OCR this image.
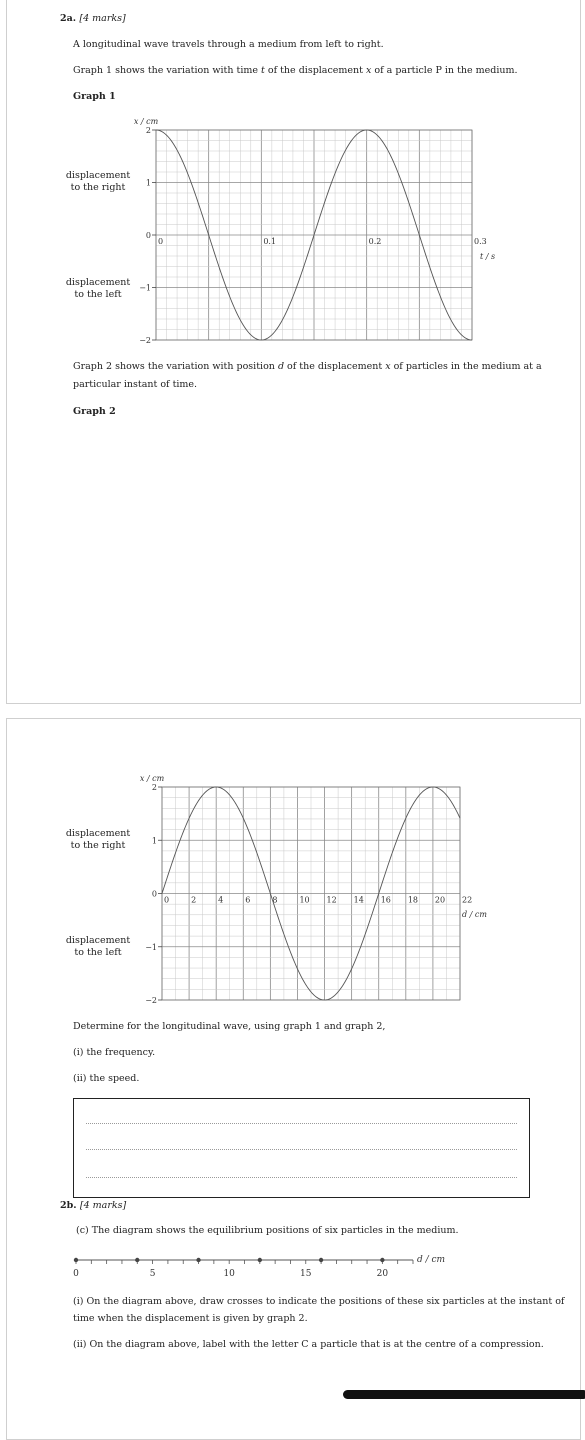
2a. [4 marks]
A longitudinal wave travels through a medium from left to right.
Graph 1 shows the variation with time t of the displacement x of a particle P in the medium.
Graph 1
displacement
to the right
displacement
to the left
−2
−1
0
1
2
x / cm
0	0.1	0.2	0.3
t / s
Graph 2 shows the variation with position d of the displacement x of particles in the medium at a
particular instant of time.
Graph 2
displacement
to the right
displacement
to the left
−2
−1
0
1
2
x / cm
0	2	4	6	8	10 12 14 16 18 20 22
d / cm
Determine for the longitudinal wave, using graph 1 and graph 2,
(i) the frequency.
(ii) the speed.
2b. [4 marks]
(c) The diagram shows the equilibrium positions of six particles in the medium.
0	5	10	15	20
d / cm
(i) On the diagram above, draw crosses to indicate the positions of these six particles at the instant of
time when the displacement is given by graph 2.
(ii) On the diagram above, label with the letter C a particle that is at the centre of a compression.
